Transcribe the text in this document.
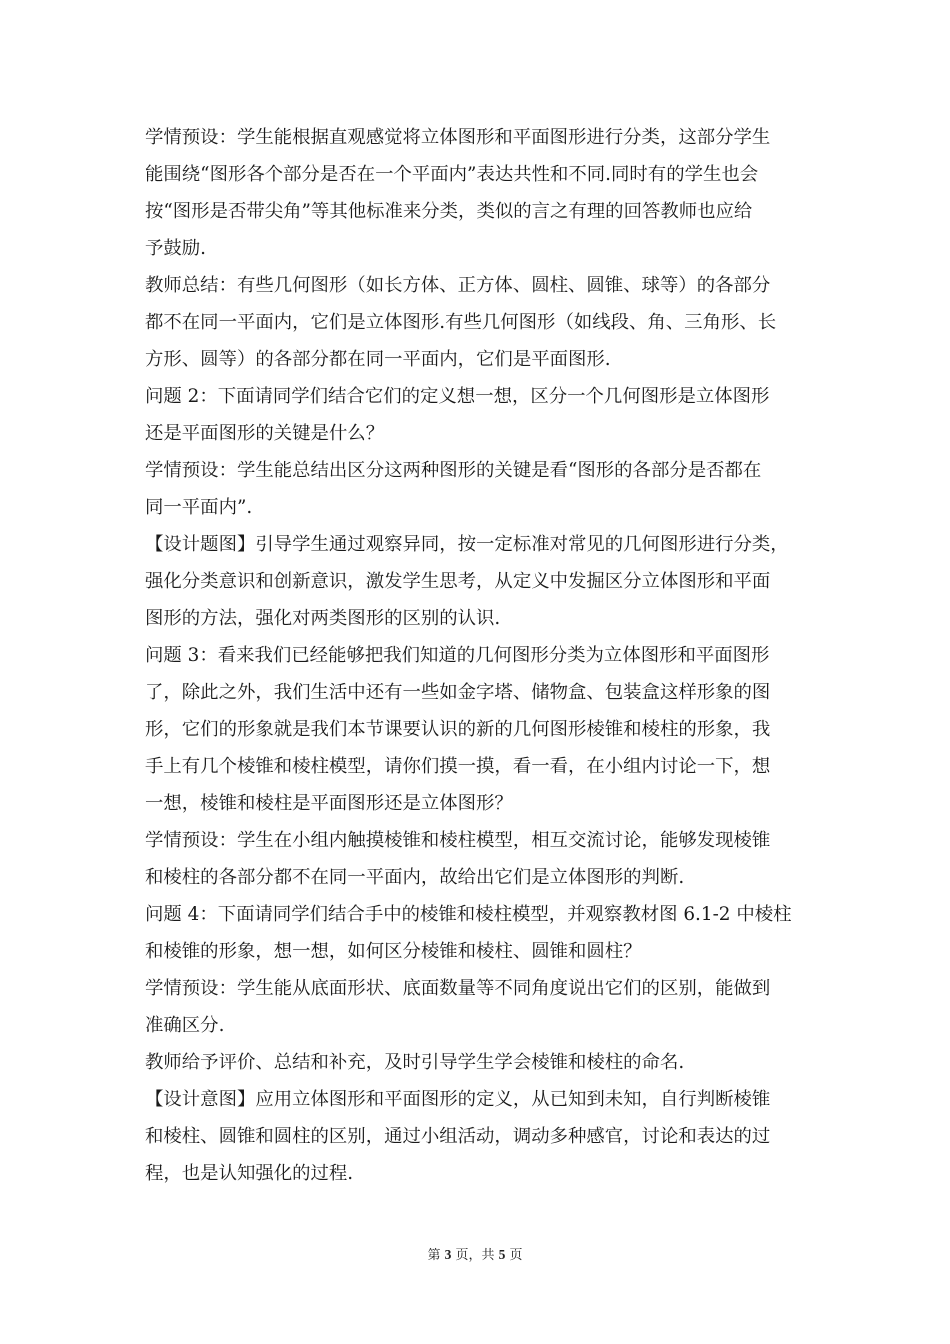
学情预设：学生能根据直观感觉将立体图形和平面图形进行分类，这部分学生
能围绕“图形各个部分是否在一个平面内”表达共性和不同.同时有的学生也会
按“图形是否带尖角”等其他标准来分类，类似的言之有理的回答教师也应给
予鼓励.

教师总结：有些几何图形（如长方体、正方体、圆柱、圆锥、球等）的各部分
都不在同一平面内，它们是立体图形.有些几何图形（如线段、角、三角形、长
方形、圆等）的各部分都在同一平面内，它们是平面图形.

问题 2：下面请同学们结合它们的定义想一想，区分一个几何图形是立体图形
还是平面图形的关键是什么？

学情预设：学生能总结出区分这两种图形的关键是看“图形的各部分是否都在
同一平面内”.

【设计题图】引导学生通过观察异同，按一定标准对常见的几何图形进行分类，
强化分类意识和创新意识，激发学生思考，从定义中发掘区分立体图形和平面
图形的方法，强化对两类图形的区别的认识.

问题 3：看来我们已经能够把我们知道的几何图形分类为立体图形和平面图形
了，除此之外，我们生活中还有一些如金字塔、储物盒、包装盒这样形象的图
形，它们的形象就是我们本节课要认识的新的几何图形棱锥和棱柱的形象，我
手上有几个棱锥和棱柱模型，请你们摸一摸，看一看，在小组内讨论一下，想
一想，棱锥和棱柱是平面图形还是立体图形？

学情预设：学生在小组内触摸棱锥和棱柱模型，相互交流讨论，能够发现棱锥
和棱柱的各部分都不在同一平面内，故给出它们是立体图形的判断.

问题 4：下面请同学们结合手中的棱锥和棱柱模型，并观察教材图 6.1-2 中棱柱
和棱锥的形象，想一想，如何区分棱锥和棱柱、圆锥和圆柱？

学情预设：学生能从底面形状、底面数量等不同角度说出它们的区别，能做到
准确区分.

教师给予评价、总结和补充，及时引导学生学会棱锥和棱柱的命名.

【设计意图】应用立体图形和平面图形的定义，从已知到未知，自行判断棱锥
和棱柱、圆锥和圆柱的区别，通过小组活动，调动多种感官，讨论和表达的过
程，也是认知强化的过程.

第 3 页，共 5 页
